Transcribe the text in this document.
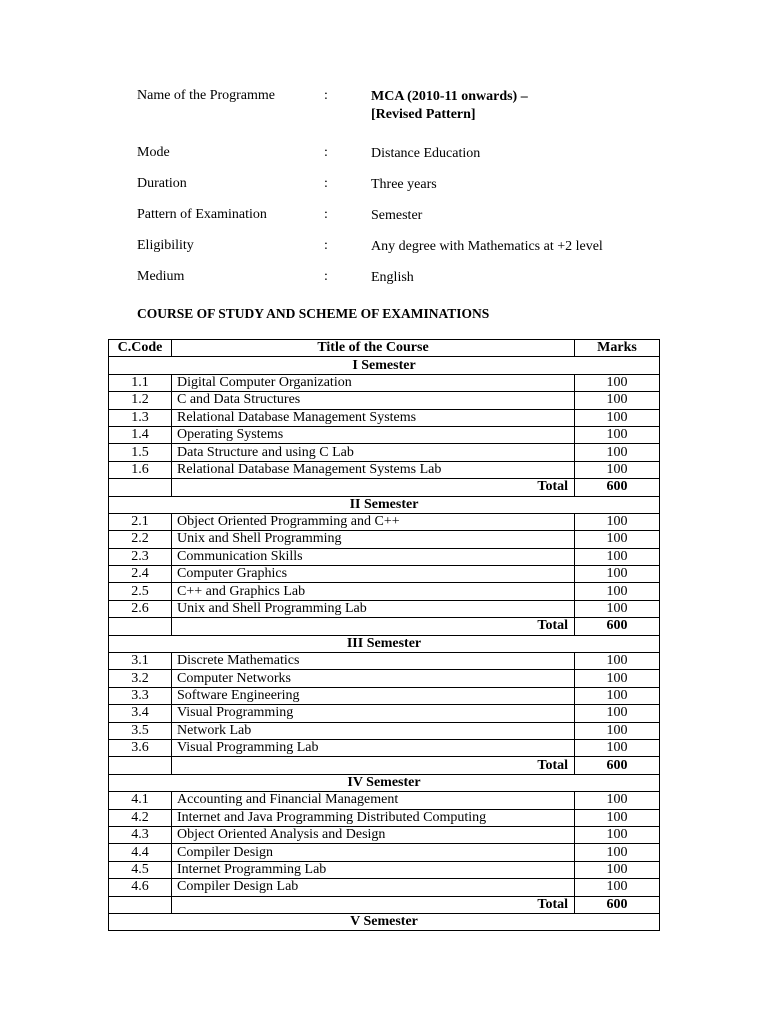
Name of the Programme	:	MCA (2010-11 onwards) –
[Revised Pattern]
Mode	:	Distance Education
Duration	:	Three years
Pattern of Examination	:	Semester
Eligibility	:	Any degree with Mathematics at +2 level
Medium	:	English
COURSE OF STUDY AND SCHEME OF EXAMINATIONS
C.Code	Title of the Course	Marks
I Semester		
1.1	Digital Computer Organization	100
1.2	C and Data Structures	100
1.3	Relational Database Management Systems	100
1.4	Operating Systems	100
1.5	Data Structure and using C Lab	100
1.6	Relational Database Management Systems Lab	100
	Total	600
II Semester		
2.1	Object Oriented Programming and C++	100
2.2	Unix and Shell Programming	100
2.3	Communication Skills	100
2.4	Computer Graphics	100
2.5	C++ and Graphics Lab	100
2.6	Unix and Shell Programming Lab	100
	Total	600
III Semester		
3.1	Discrete Mathematics	100
3.2	Computer Networks	100
3.3	Software Engineering	100
3.4	Visual Programming	100
3.5	Network Lab	100
3.6	Visual Programming Lab	100
	Total	600
IV Semester		
4.1	Accounting and Financial Management	100
4.2	Internet and Java Programming Distributed Computing	100
4.3	Object Oriented Analysis and Design	100
4.4	Compiler Design	100
4.5	Internet Programming Lab	100
4.6	Compiler Design Lab	100
	Total	600
V Semester		
